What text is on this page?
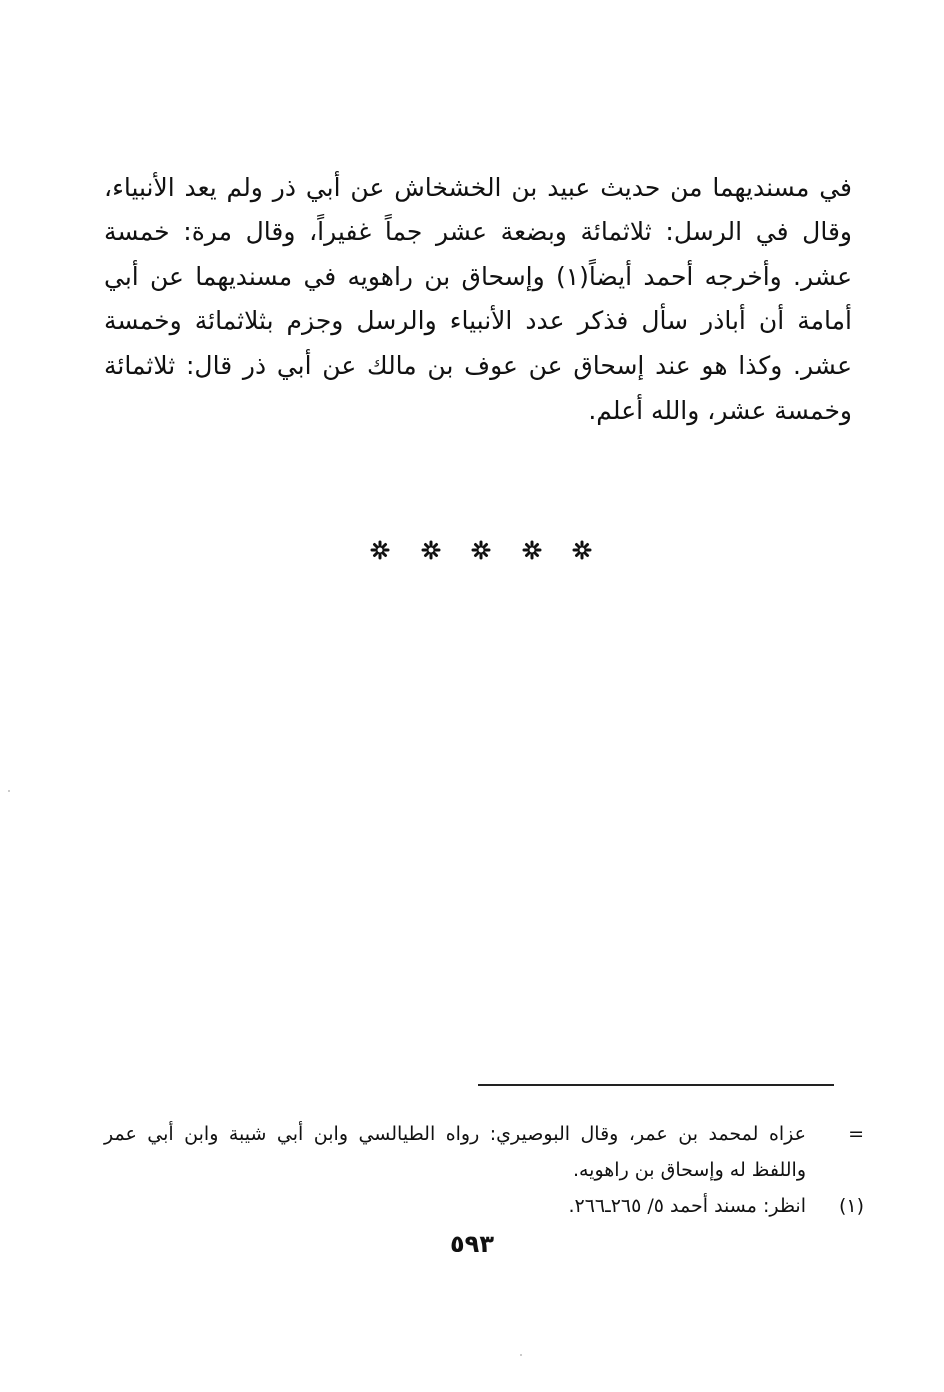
في مسنديهما من حديث عبيد بن الخشخاش عن أبي ذر ولم يعد الأنبياء،
وقال في الرسل: ثلاثمائة وبضعة عشر جماً غفيراً، وقال مرة: خمسة
عشر. وأخرجه أحمد أيضاً(١) وإسحاق بن راهويه في مسنديهما عن أبي
أمامة أن أباذر سأل فذكر عدد الأنبياء والرسل وجزم بثلاثمائة وخمسة
عشر. وكذا هو عند إسحاق عن عوف بن مالك عن أبي ذر قال: ثلاثمائة
وخمسة عشر، والله أعلم.
=
عزاه لمحمد بن عمر، وقال البوصيري: رواه الطيالسي وابن أبي شيبة وابن أبي عمر
واللفظ له وإسحاق بن راهويه.
(١)
انظر: مسند أحمد ٥/ ٢٦٥ـ٢٦٦.
٥٩٣
